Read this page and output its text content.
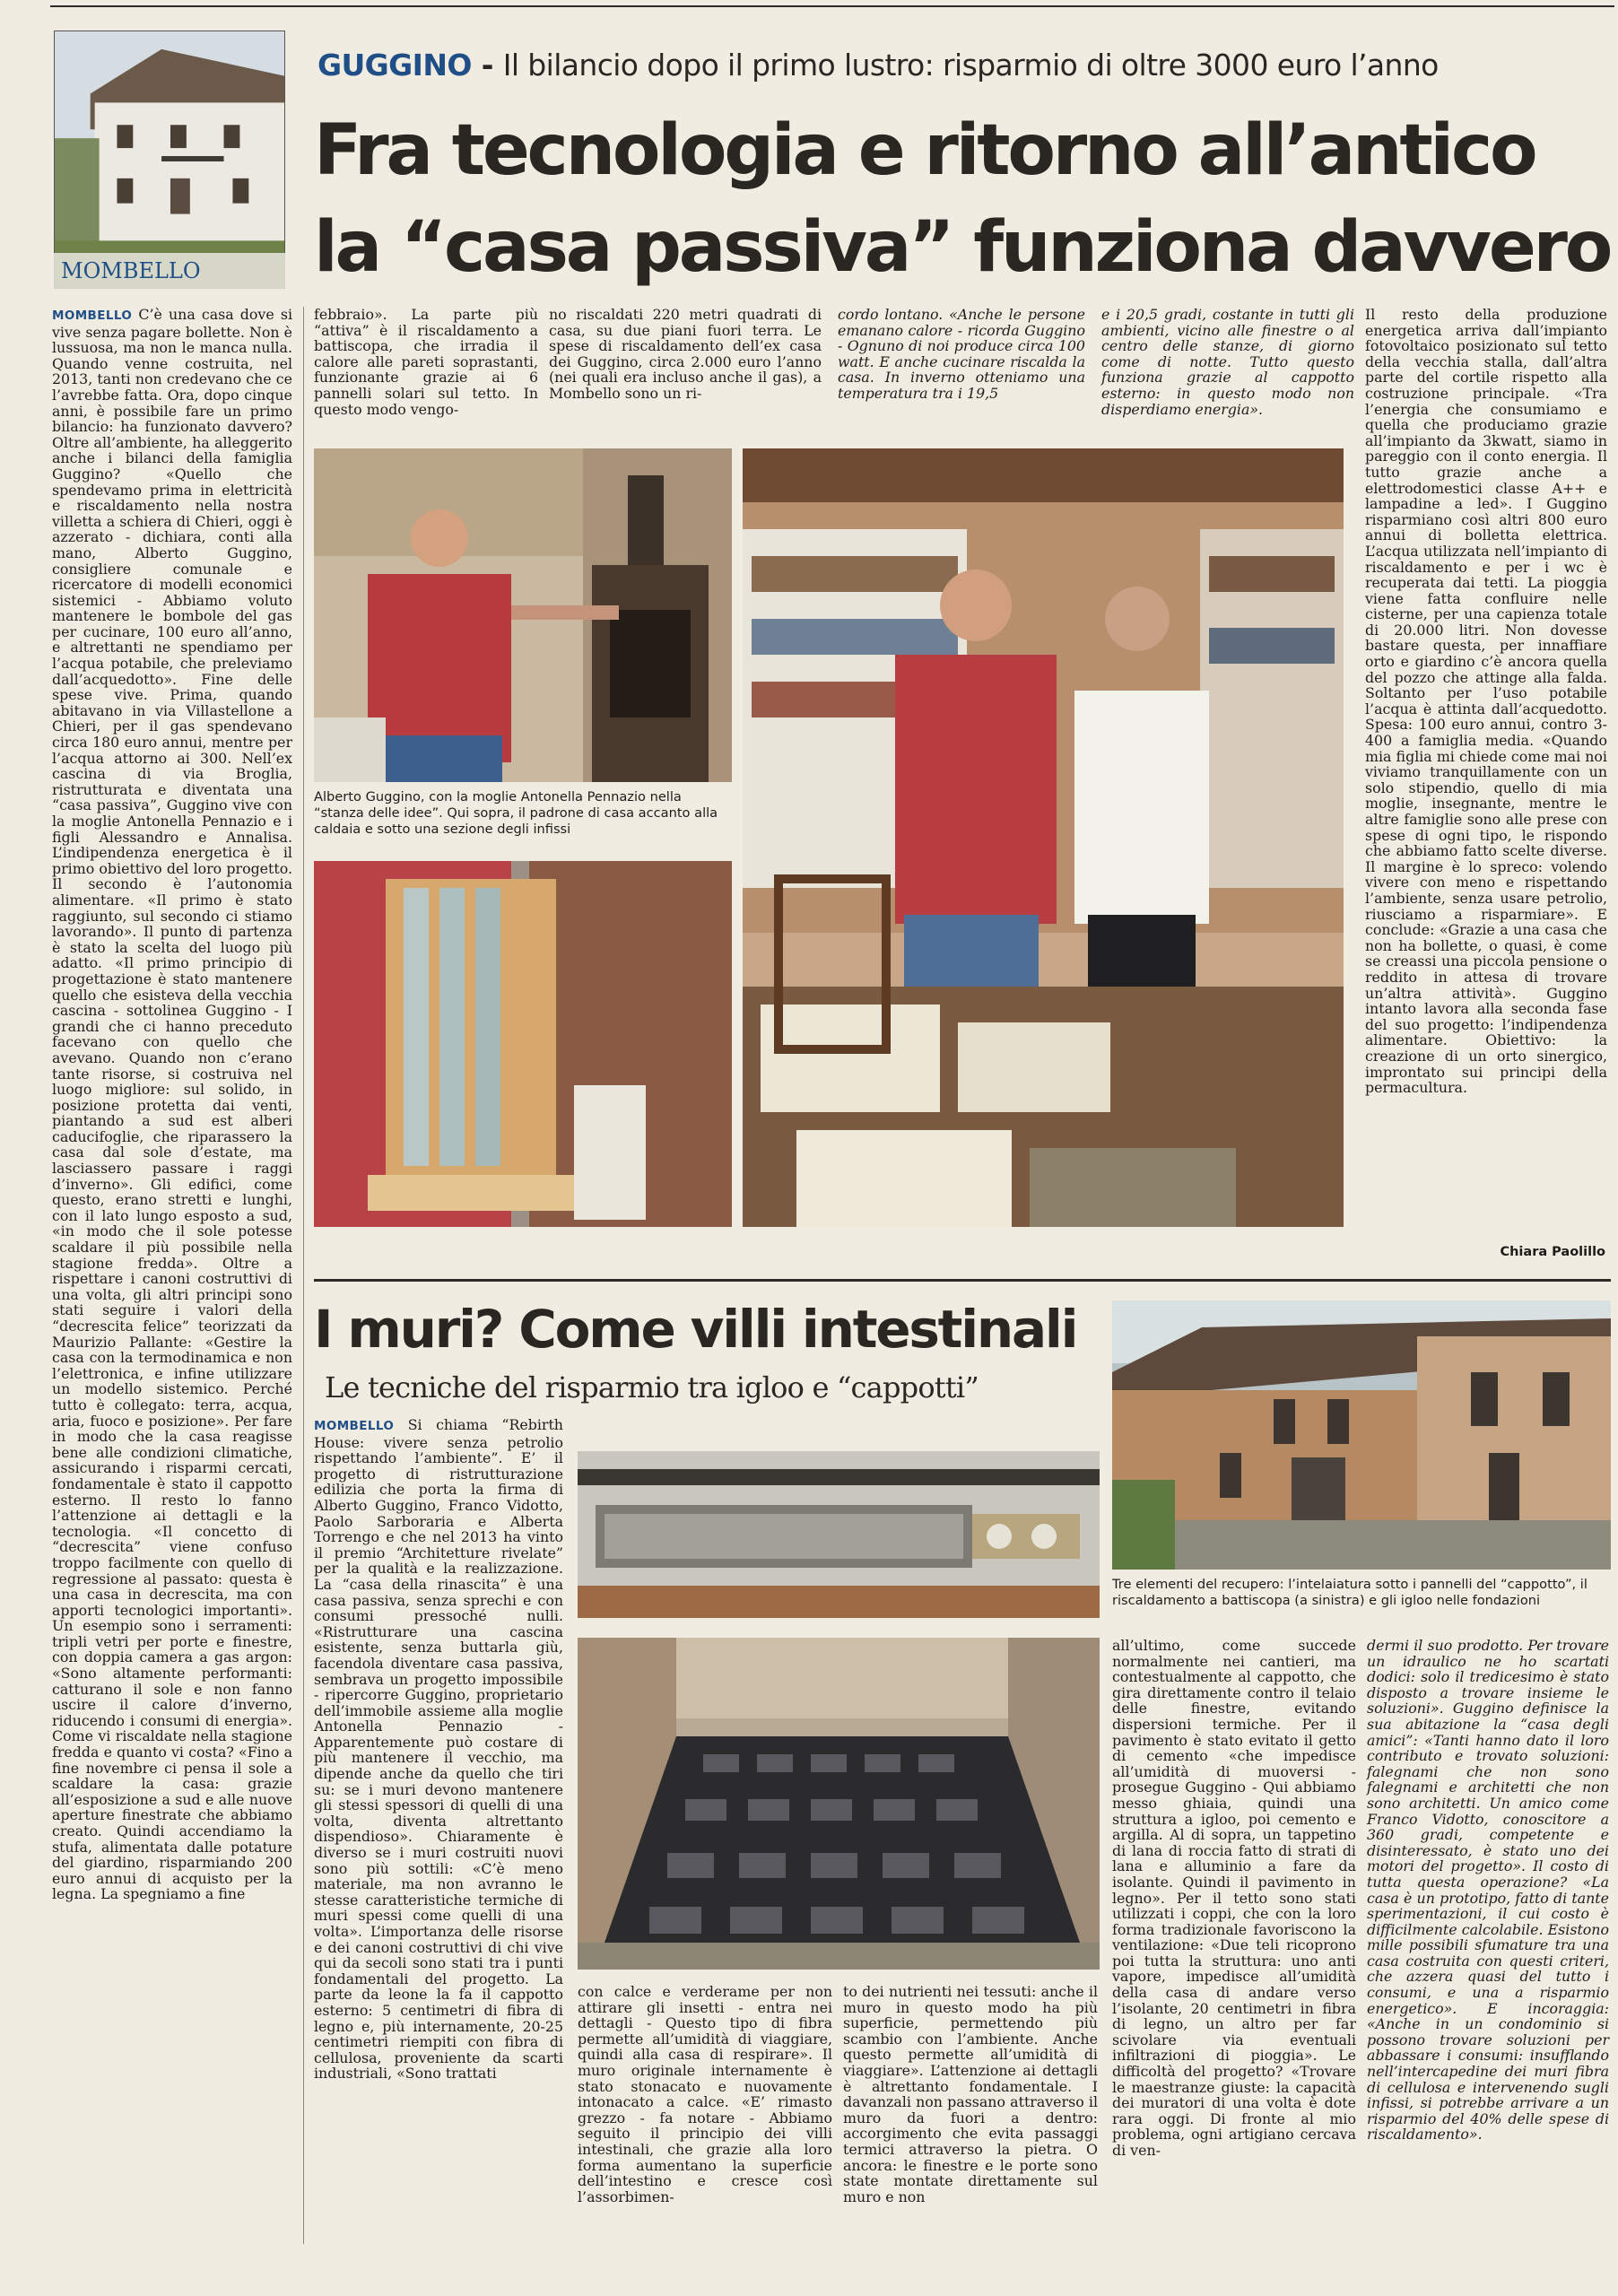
MOMBELLO
GUGGINO - Il bilancio dopo il primo lustro: risparmio di oltre 3000 euro l’anno
Fra tecnologia e ritorno all’antico
la “casa passiva” funziona davvero
MOMBELLO C’è una casa dove si vive senza pagare bollette. Non è lussuosa, ma non le manca nulla. Quando venne costruita, nel 2013, tanti non credevano che ce l’avrebbe fatta. Ora, dopo cinque anni, è possibile fare un primo bilancio: ha funzionato davvero? Oltre all’ambiente, ha alleggerito anche i bilanci della famiglia Guggino? «Quello che spendevamo prima in elettricità e riscaldamento nella nostra villetta a schiera di Chieri, oggi è azzerato - dichiara, conti alla mano, Alberto Guggino, consigliere comunale e ricercatore di modelli economici sistemici - Abbiamo voluto mantenere le bombole del gas per cucinare, 100 euro all’anno, e altrettanti ne spendiamo per l’acqua potabile, che preleviamo dall’acquedotto». Fine delle spese vive. Prima, quando abitavano in via Villastellone a Chieri, per il gas spendevano circa 180 euro annui, mentre per l’acqua attorno ai 300. Nell’ex cascina di via Broglia, ristrutturata e diventata una “casa passiva”, Guggino vive con la moglie Antonella Pennazio e i figli Alessandro e Annalisa. L’indipendenza energetica è il primo obiettivo del loro progetto. Il secondo è l’autonomia alimentare. «Il primo è stato raggiunto, sul secondo ci stiamo lavorando». Il punto di partenza è stato la scelta del luogo più adatto. «Il primo principio di progettazione è stato mantenere quello che esisteva della vecchia cascina - sottolinea Guggino - I grandi che ci hanno preceduto facevano con quello che avevano. Quando non c’erano tante risorse, si costruiva nel luogo migliore: sul solido, in posizione protetta dai venti, piantando a sud est alberi caducifoglie, che riparassero la casa dal sole d’estate, ma lasciassero passare i raggi d’inverno». Gli edifici, come questo, erano stretti e lunghi, con il lato lungo esposto a sud, «in modo che il sole potesse scaldare il più possibile nella stagione fredda». Oltre a rispettare i canoni costruttivi di una volta, gli altri principi sono stati seguire i valori della “decrescita felice” teorizzati da Maurizio Pallante: «Gestire la casa con la termodinamica e non l’elettronica, e infine utilizzare un modello sistemico. Perché tutto è collegato: terra, acqua, aria, fuoco e posizione». Per fare in modo che la casa reagisse bene alle condizioni climatiche, assicurando i risparmi cercati, fondamentale è stato il cappotto esterno. Il resto lo fanno l’attenzione ai dettagli e la tecnologia. «Il concetto di “decrescita” viene confuso troppo facilmente con quello di regressione al passato: questa è una casa in decrescita, ma con apporti tecnologici importanti». Un esempio sono i serramenti: tripli vetri per porte e finestre, con doppia camera a gas argon: «Sono altamente performanti: catturano il sole e non fanno uscire il calore d’inverno, riducendo i consumi di energia». Come vi riscaldate nella stagione fredda e quanto vi costa? «Fino a fine novembre ci pensa il sole a scaldare la casa: grazie all’esposizione a sud e alle nuove aperture finestrate che abbiamo creato. Quindi accendiamo la stufa, alimentata dalle potature del giardino, risparmiando 200 euro annui di acquisto per la legna. La spegniamo a fine
febbraio». La parte più “attiva” è il riscaldamento a battiscopa, che irradia il calore alle pareti soprastanti, funzionante grazie ai 6 pannelli solari sul tetto. In questo modo vengo-
no riscaldati 220 metri quadrati di casa, su due piani fuori terra. Le spese di riscaldamento dell’ex casa dei Guggino, circa 2.000 euro l’anno (nei quali era incluso anche il gas), a Mombello sono un ri-
cordo lontano. «Anche le persone emanano calore - ricorda Guggino - Ognuno di noi produce circa 100 watt. E anche cucinare riscalda la casa. In inverno otteniamo una temperatura tra i 19,5
e i 20,5 gradi, costante in tutti gli ambienti, vicino alle finestre o al centro delle stanze, di giorno come di notte. Tutto questo funziona grazie al cappotto esterno: in questo modo non disperdiamo energia».
Alberto Guggino, con la moglie Antonella Pennazio nella “stanza delle idee”. Qui sopra, il padrone di casa accanto alla caldaia e sotto una sezione degli infissi
Il resto della produzione energetica arriva dall’impianto fotovoltaico posizionato sul tetto della vecchia stalla, dall’altra parte del cortile rispetto alla costruzione principale. «Tra l’energia che consumiamo e quella che produciamo grazie all’impianto da 3kwatt, siamo in pareggio con il conto energia. Il tutto grazie anche a elettrodomestici classe A++ e lampadine a led». I Guggino risparmiano così altri 800 euro annui di bolletta elettrica. L’acqua utilizzata nell’impianto di riscaldamento e per i wc è recuperata dai tetti. La pioggia viene fatta confluire nelle cisterne, per una capienza totale di 20.000 litri. Non dovesse bastare questa, per innaffiare orto e giardino c’è ancora quella del pozzo che attinge alla falda. Soltanto per l’uso potabile l’acqua è attinta dall’acquedotto. Spesa: 100 euro annui, contro 3-400 a famiglia media. «Quando mia figlia mi chiede come mai noi viviamo tranquillamente con un solo stipendio, quello di mia moglie, insegnante, mentre le altre famiglie sono alle prese con spese di ogni tipo, le rispondo che abbiamo fatto scelte diverse. Il margine è lo spreco: volendo vivere con meno e rispettando l’ambiente, senza usare petrolio, riusciamo a risparmiare». E conclude: «Grazie a una casa che non ha bollette, o quasi, è come se creassi una piccola pensione o reddito in attesa di trovare un’altra attività». Guggino intanto lavora alla seconda fase del suo progetto: l’indipendenza alimentare. Obiettivo: la creazione di un orto sinergico, improntato sui principi della permacultura.
Chiara Paolillo
I muri? Come villi intestinali
Le tecniche del risparmio tra igloo e “cappotti”
Tre elementi del recupero: l’intelaiatura sotto i pannelli del “cappotto”, il riscaldamento a battiscopa (a sinistra) e gli igloo nelle fondazioni
MOMBELLO Si chiama “Rebirth House: vivere senza petrolio rispettando l’ambiente”. E’ il progetto di ristrutturazione edilizia che porta la firma di Alberto Guggino, Franco Vidotto, Paolo Sarboraria e Alberta Torrengo e che nel 2013 ha vinto il premio “Architetture rivelate” per la qualità e la realizzazione. La “casa della rinascita” è una casa passiva, senza sprechi e con consumi pressoché nulli. «Ristrutturare una cascina esistente, senza buttarla giù, facendola diventare casa passiva, sembrava un progetto impossibile - ripercorre Guggino, proprietario dell’immobile assieme alla moglie Antonella Pennazio - Apparentemente può costare di più mantenere il vecchio, ma dipende anche da quello che tiri su: se i muri devono mantenere gli stessi spessori di quelli di una volta, diventa altrettanto dispendioso». Chiaramente è diverso se i muri costruiti nuovi sono più sottili: «C’è meno materiale, ma non avranno le stesse caratteristiche termiche di muri spessi come quelli di una volta». L’importanza delle risorse e dei canoni costruttivi di chi vive qui da secoli sono stati tra i punti fondamentali del progetto. La parte da leone la fa il cappotto esterno: 5 centimetri di fibra di legno e, più internamente, 20-25 centimetri riempiti con fibra di cellulosa, proveniente da scarti industriali, «Sono trattati
con calce e verderame per non attirare gli insetti - entra nei dettagli - Questo tipo di fibra permette all’umidità di viaggiare, quindi alla casa di respirare». Il muro originale internamente è stato stonacato e nuovamente intonacato a calce. «E’ rimasto grezzo - fa notare - Abbiamo seguito il principio dei villi intestinali, che grazie alla loro forma aumentano la superficie dell’intestino e cresce così l’assorbimen-
to dei nutrienti nei tessuti: anche il muro in questo modo ha più superficie, permettendo più scambio con l’ambiente. Anche questo permette all’umidità di viaggiare». L’attenzione ai dettagli è altrettanto fondamentale. I davanzali non passano attraverso il muro da fuori a dentro: accorgimento che evita passaggi termici attraverso la pietra. O ancora: le finestre e le porte sono state montate direttamente sul muro e non
all’ultimo, come succede normalmente nei cantieri, ma contestualmente al cappotto, che gira direttamente contro il telaio delle finestre, evitando dispersioni termiche. Per il pavimento è stato evitato il getto di cemento «che impedisce all’umidità di muoversi - prosegue Guggino - Qui abbiamo messo ghiaia, quindi una struttura a igloo, poi cemento e argilla. Al di sopra, un tappetino di lana di roccia fatto di strati di lana e alluminio a fare da isolante. Quindi il pavimento in legno». Per il tetto sono stati utilizzati i coppi, che con la loro forma tradizionale favoriscono la ventilazione: «Due teli ricoprono poi tutta la struttura: uno anti vapore, impedisce all’umidità della casa di andare verso l’isolante, 20 centimetri in fibra di legno, un altro per far scivolare via eventuali infiltrazioni di pioggia». Le difficoltà del progetto? «Trovare le maestranze giuste: la capacità dei muratori di una volta è dote rara oggi. Di fronte al mio problema, ogni artigiano cercava di ven-
dermi il suo prodotto. Per trovare un idraulico ne ho scartati dodici: solo il tredicesimo è stato disposto a trovare insieme le soluzioni». Guggino definisce la sua abitazione la “casa degli amici”: «Tanti hanno dato il loro contributo e trovato soluzioni: falegnami che non sono falegnami e architetti che non sono architetti. Un amico come Franco Vidotto, conoscitore a 360 gradi, competente e disinteressato, è stato uno dei motori del progetto». Il costo di tutta questa operazione? «La casa è un prototipo, fatto di tante sperimentazioni, il cui costo è difficilmente calcolabile. Esistono mille possibili sfumature tra una casa costruita con questi criteri, che azzera quasi del tutto i consumi, e una a risparmio energetico». E incoraggia: «Anche in un condominio si possono trovare soluzioni per abbassare i consumi: insufflando nell’intercapedine dei muri fibra di cellulosa e intervenendo sugli infissi, si potrebbe arrivare a un risparmio del 40% delle spese di riscaldamento».
